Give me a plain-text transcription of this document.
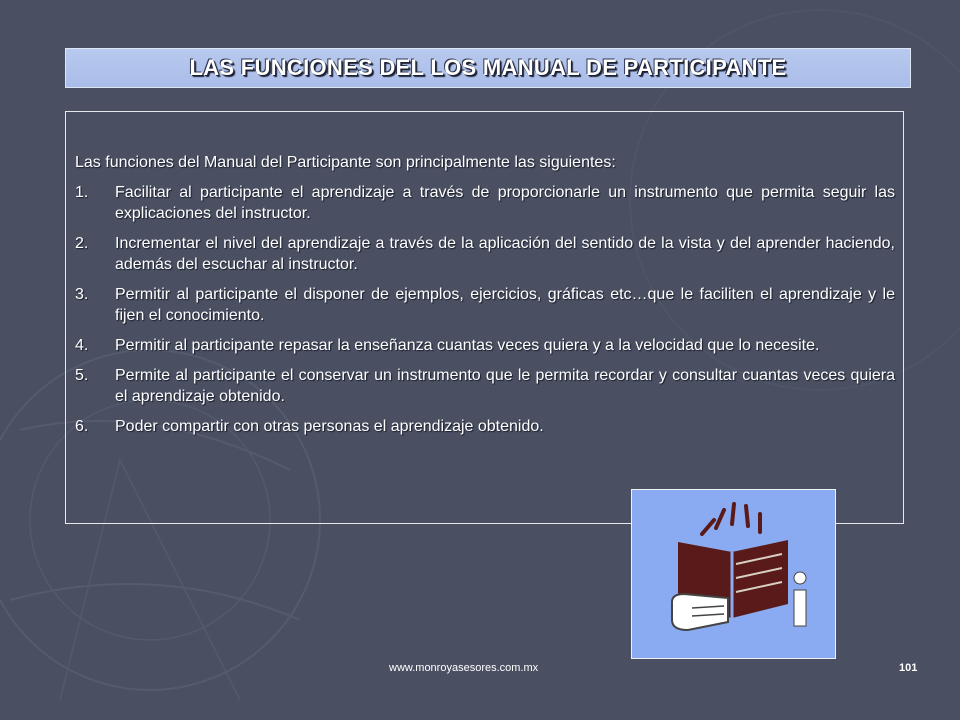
LAS FUNCIONES DEL LOS MANUAL DE PARTICIPANTE
Las funciones del Manual del Participante son principalmente las siguientes:
1.	Facilitar al participante el aprendizaje a través de proporcionarle un instrumento que permita seguir las explicaciones del instructor.
2.	Incrementar el nivel del aprendizaje a través de la aplicación del sentido de la vista y del aprender haciendo, además del escuchar al instructor.
3.	Permitir al participante el disponer de ejemplos, ejercicios, gráficas etc…que le faciliten el aprendizaje y le fijen el conocimiento.
4.	Permitir al participante repasar la enseñanza cuantas veces quiera y a la velocidad que lo necesite.
5.	Permite al participante el conservar un instrumento que le permita recordar y consultar cuantas veces quiera el aprendizaje obtenido.
6.	Poder compartir con otras personas el aprendizaje obtenido.
www.monroyasesores.com.mx	101
